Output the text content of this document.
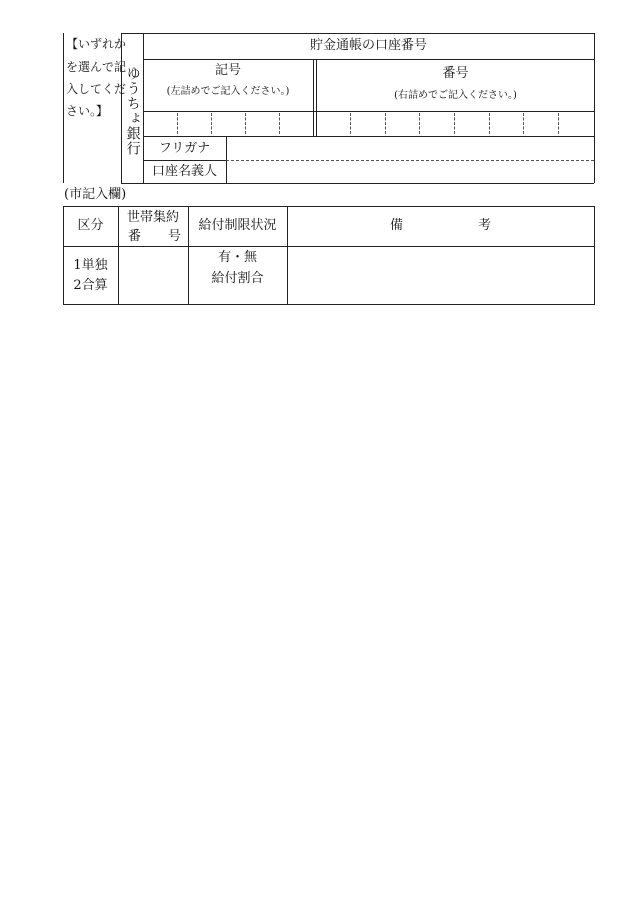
【いずれか
を選んで記
入してくだ
さい。】 ゆうちょ銀行
貯金通帳の口座番号
記号
(左詰めでご記入ください。)
番号
(右詰めでご記入ください。)
フリガナ
口座名義人
(市記入欄)
区分
世帯集約
番 号
給付制限状況	備	考
1単独
2合算
有・無
給付割合
